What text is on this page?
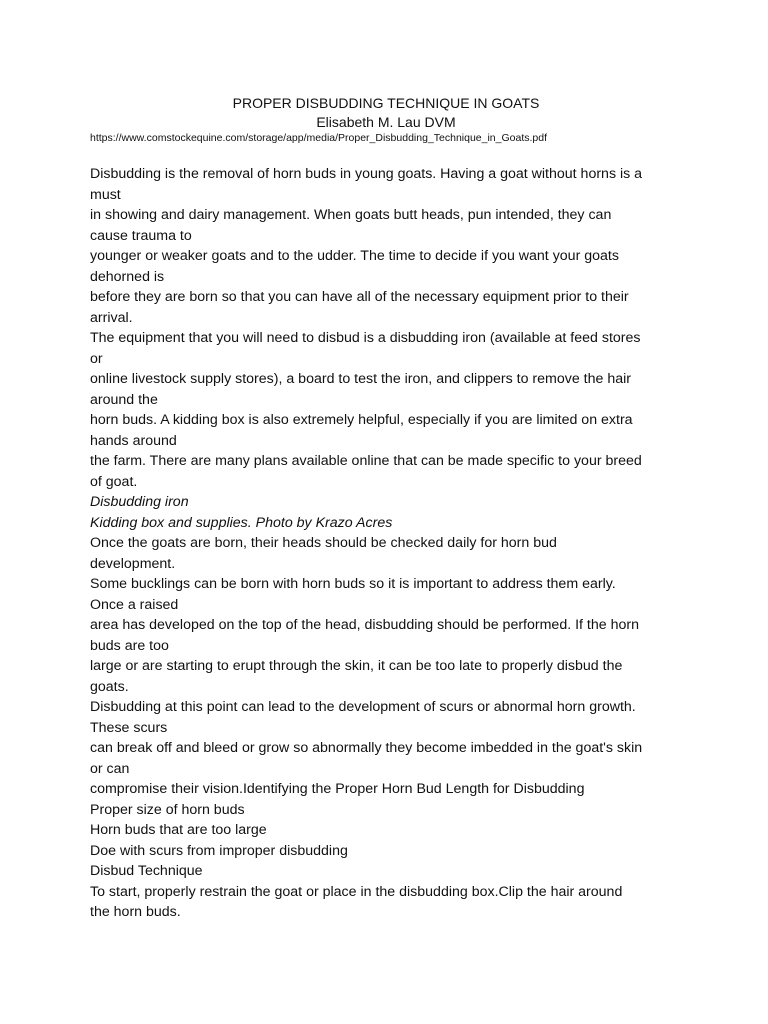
PROPER DISBUDDING TECHNIQUE IN GOATS

Elisabeth M. Lau DVM

https://www.comstockequine.com/storage/app/media/Proper_Disbudding_Technique_in_Goats.pdf

Disbudding is the removal of horn buds in young goats. Having a goat without horns is a
must
in showing and dairy management. When goats butt heads, pun intended, they can
cause trauma to
younger or weaker goats and to the udder. The time to decide if you want your goats
dehorned is
before they are born so that you can have all of the necessary equipment prior to their
arrival.
The equipment that you will need to disbud is a disbudding iron (available at feed stores
or
online livestock supply stores), a board to test the iron, and clippers to remove the hair
around the
horn buds. A kidding box is also extremely helpful, especially if you are limited on extra
hands around
the farm. There are many plans available online that can be made specific to your breed
of goat.
Disbudding iron
Kidding box and supplies. Photo by Krazo Acres
Once the goats are born, their heads should be checked daily for horn bud
development.
Some bucklings can be born with horn buds so it is important to address them early.
Once a raised
area has developed on the top of the head, disbudding should be performed. If the horn
buds are too
large or are starting to erupt through the skin, it can be too late to properly disbud the
goats.
Disbudding at this point can lead to the development of scurs or abnormal horn growth.
These scurs
can break off and bleed or grow so abnormally they become imbedded in the goat's skin
or can
compromise their vision.Identifying the Proper Horn Bud Length for Disbudding
Proper size of horn buds
Horn buds that are too large
Doe with scurs from improper disbudding
Disbud Technique
To start, properly restrain the goat or place in the disbudding box.Clip the hair around
the horn buds.
